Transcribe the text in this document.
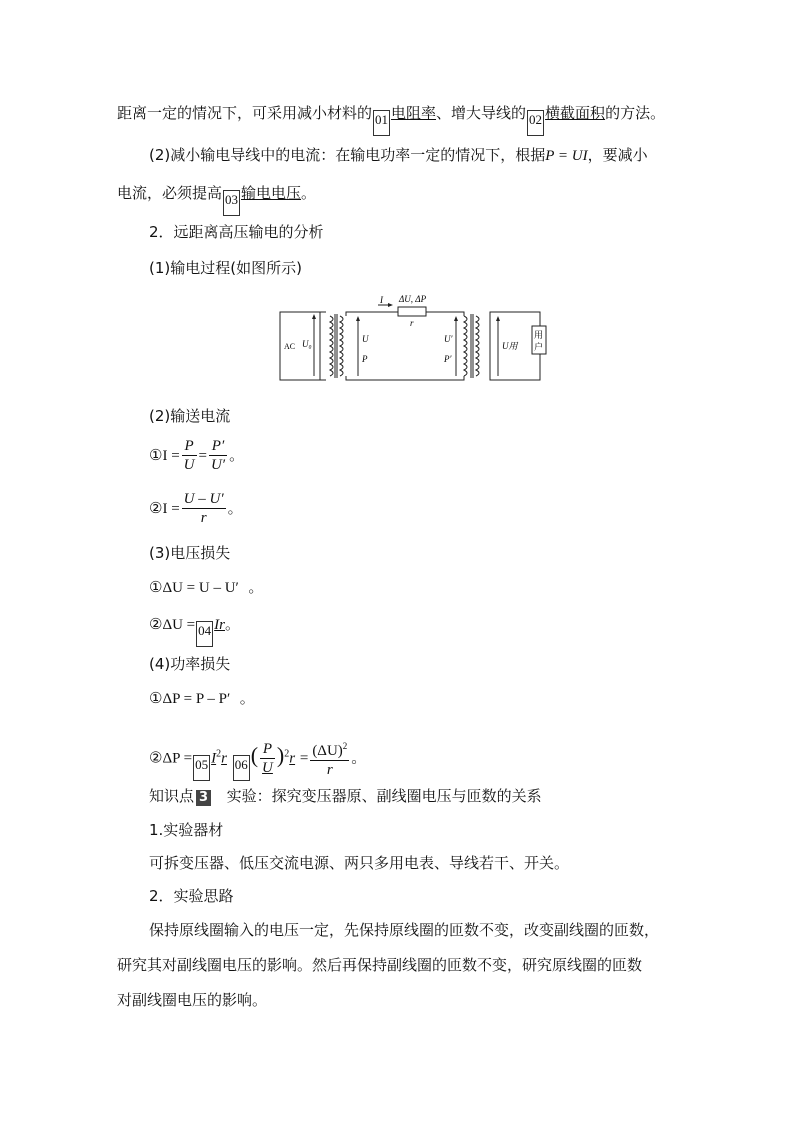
距离一定的情况下，可采用减小材料的 01 电阻率、增大导线的 02 横截面积的方法。
(2)减小输电导线中的电流：在输电功率一定的情况下，根据P = UI，要减小
电流，必须提高 03 输电电压。
2．远距离高压输电的分析
(1)输电过程(如图所示)
AC U₀	U
P
I ΔU, ΔP
r
U′
P′
U用
用
户
(2)输送电流
①I = $\frac{P}{U} = \frac{P'}{U'}$ 。
②I = $\frac{U - U'}{r}$ 。
(3)电压损失
①ΔU = U – U′ 。
②ΔU = 04 Ir。
(4)功率损失
①ΔP = P – P′ 。
②ΔP = 05 $I^2r$ 06 ( $\frac{P}{U} )^2r = \frac{(\Delta U)^2}{r}$ 。
知识点 3 实验：探究变压器原、副线圈电压与匝数的关系
1.实验器材
可拆变压器、低压交流电源、两只多用电表、导线若干、开关。
2．实验思路
保持原线圈输入的电压一定，先保持原线圈的匝数不变，改变副线圈的匝数，
研究其对副线圈电压的影响。然后再保持副线圈的匝数不变，研究原线圈的匝数
对副线圈电压的影响。
